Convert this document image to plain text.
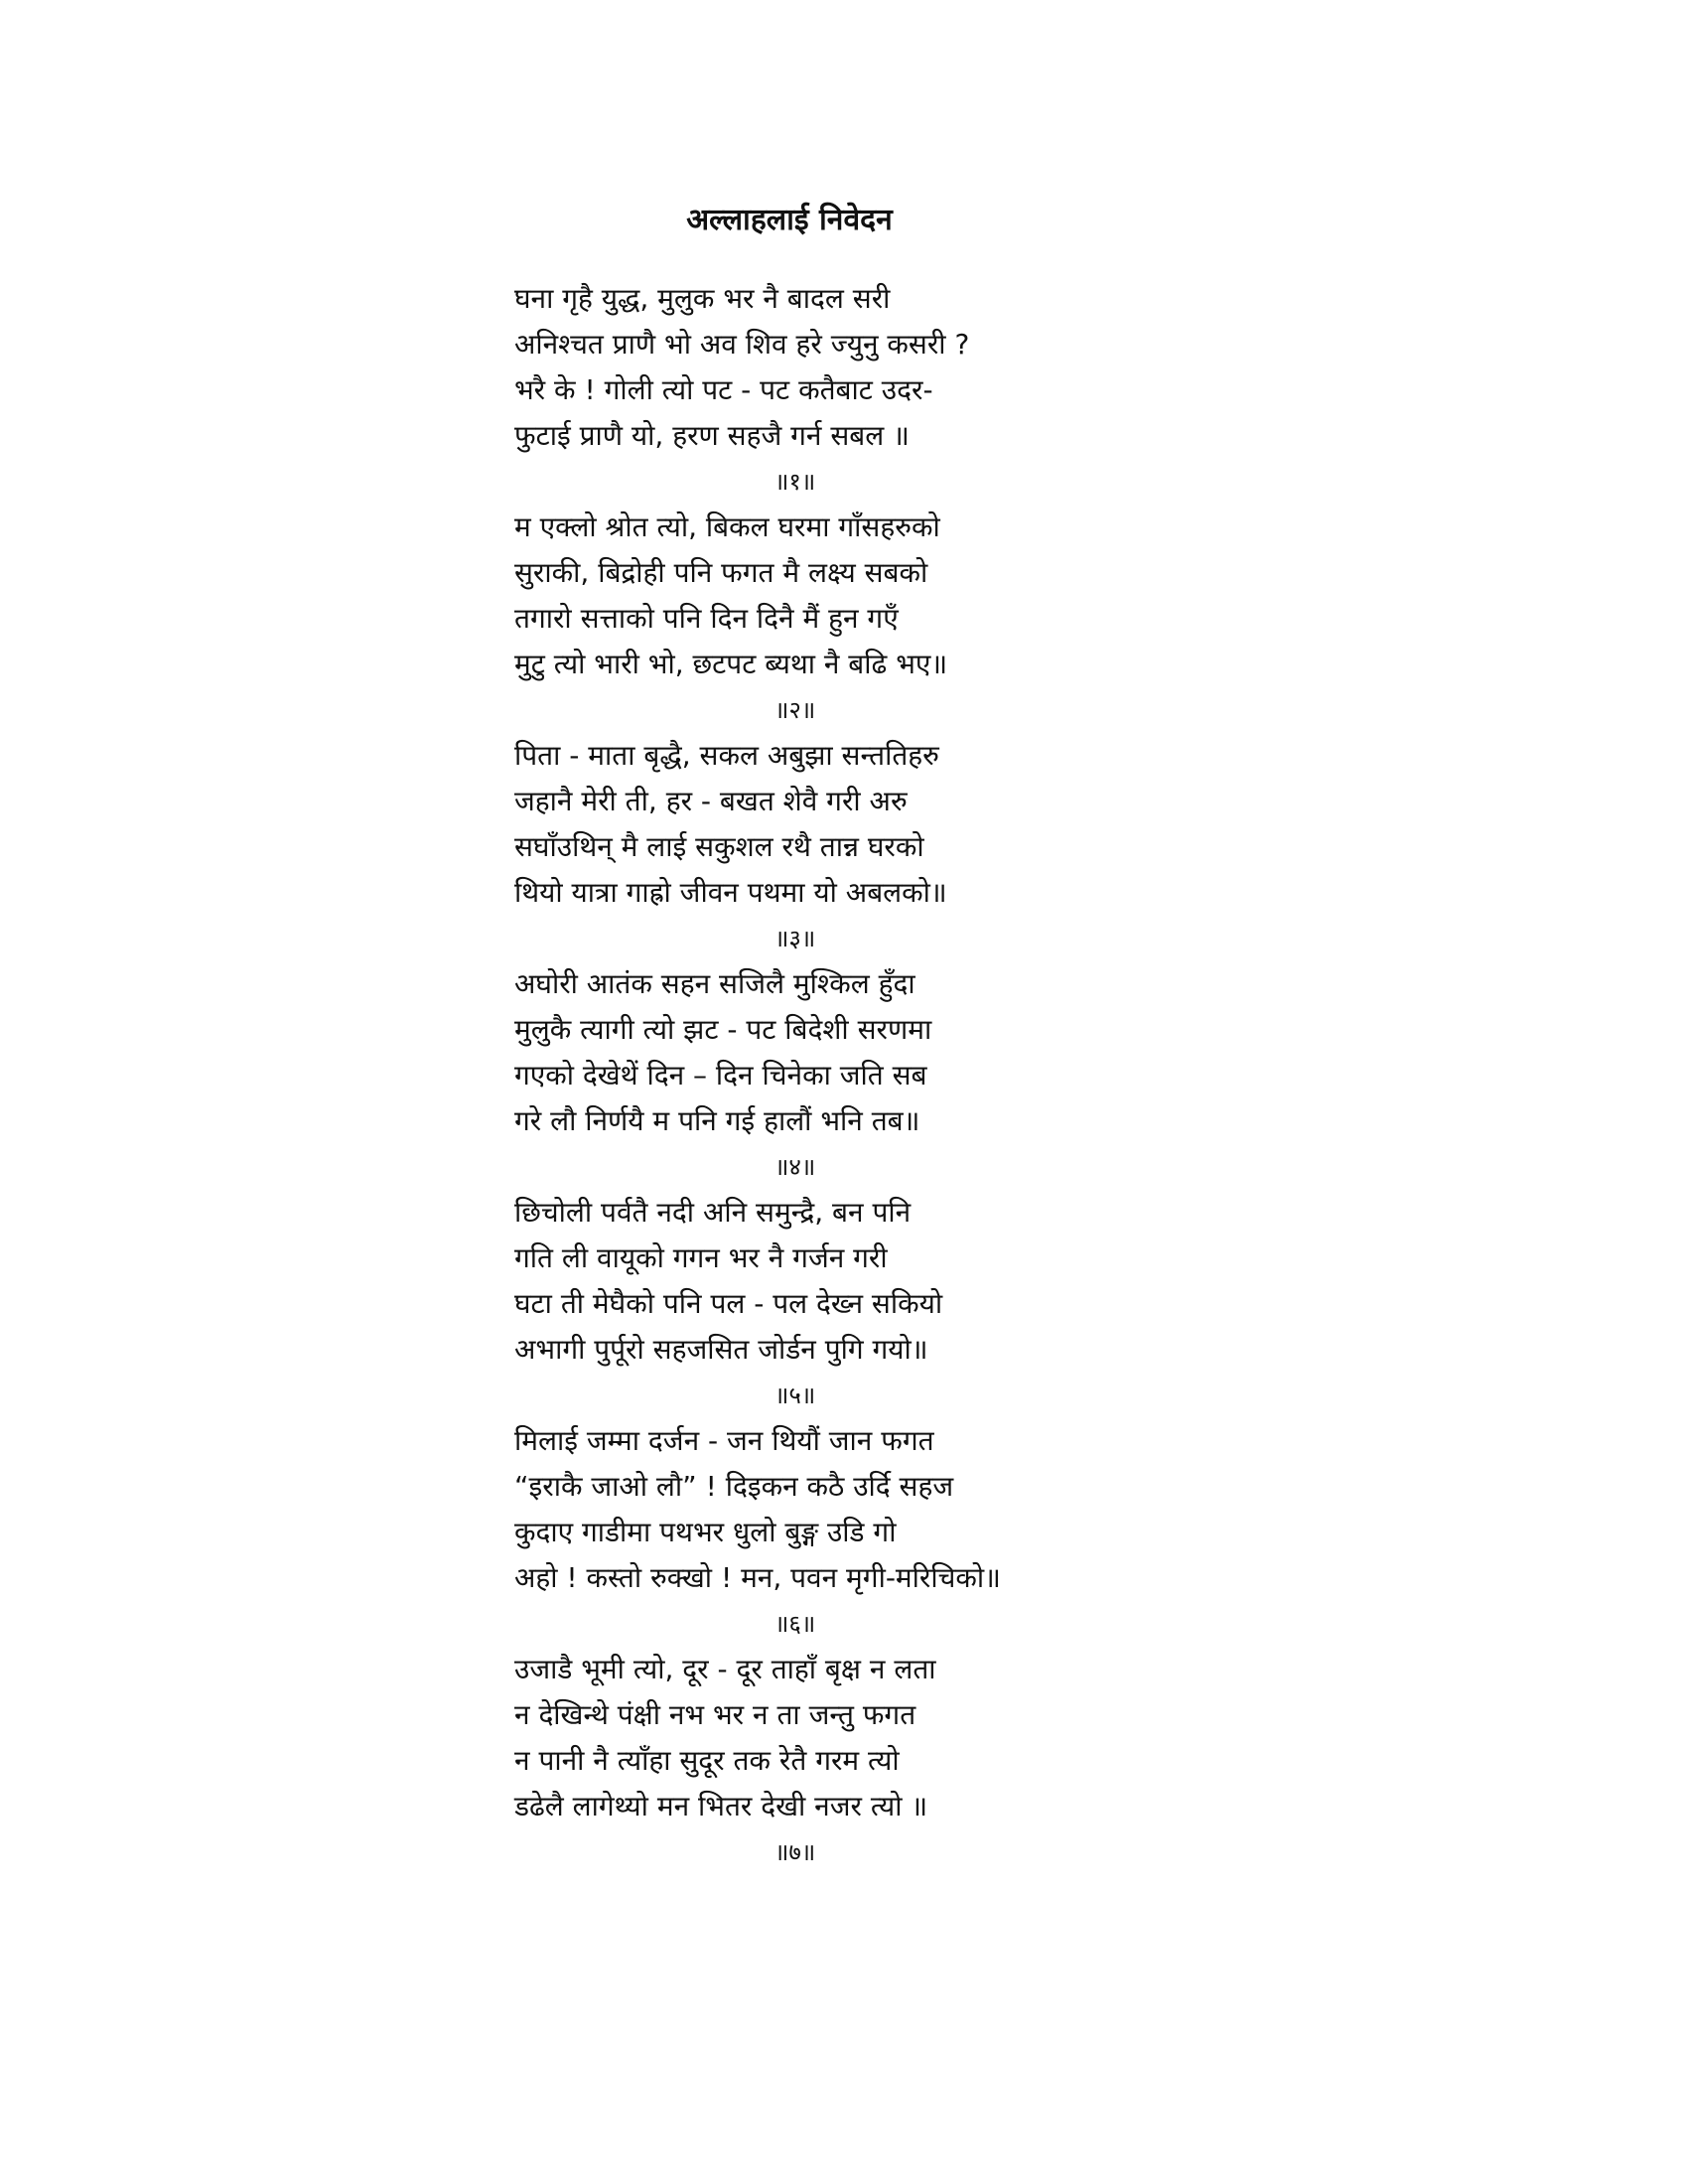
अल्लाहलाई निवेदन
घना गृहै युद्ध, मुलुक भर नै बादल सरी
अनिश्चत प्राणै भो अव शिव हरे ज्युनु कसरी ?
भरै के ! गोली त्यो पट - पट कतैबाट उदर-
फुटाई प्राणै यो, हरण सहजै गर्न सबल ॥
॥१॥
म एक्लो श्रोत त्यो, बिकल घरमा गाँसहरुको
सुराकी, बिद्रोही पनि फगत मै लक्ष्य सबको
तगारो सत्ताको पनि दिन दिनै मैं हुन गएँ
मुटु त्यो भारी भो, छटपट ब्यथा नै बढि भए॥
॥२॥
पिता - माता बृद्धै, सकल अबुझा सन्ततिहरु
जहानै मेरी ती, हर - बखत शेवै गरी अरु
सघाँउथिन् मै लाई सकुशल रथै तान्न घरको
थियो यात्रा गाह्रो जीवन पथमा यो अबलको॥
॥३॥
अघोरी आतंक सहन सजिलै मुश्किल हुँदा
मुलुकै त्यागी त्यो झट - पट बिदेशी सरणमा
गएको देखेथें दिन – दिन चिनेका जति सब
गरे लौ निर्णयै म पनि गई हालौं भनि तब॥
॥४॥
छिचोली पर्वतै नदी अनि समुन्द्रै, बन पनि
गति ली वायूको गगन भर नै गर्जन गरी
घटा ती मेघैको पनि पल - पल देख्न सकियो
अभागी पुर्पूरो सहजसित जोर्डन पुगि गयो॥
॥५॥
मिलाई जम्मा दर्जन - जन थियौं जान फगत
“इराकै जाओ लौ” ! दिइकन कठै उर्दि सहज
कुदाए गाडीमा पथभर धुलो बुङ्ग उडि गो
अहो ! कस्तो रुक्खो ! मन, पवन मृगी-मरिचिको॥
॥६॥
उजाडै भूमी त्यो, दूर - दूर ताहाँ बृक्ष न लता
न देखिन्थे पंक्षी नभ भर न ता जन्तु फगत
न पानी नै त्याँहा सुदूर तक रेतै गरम त्यो
डढेलै लागेथ्यो मन भितर देखी नजर त्यो ॥
॥७॥
